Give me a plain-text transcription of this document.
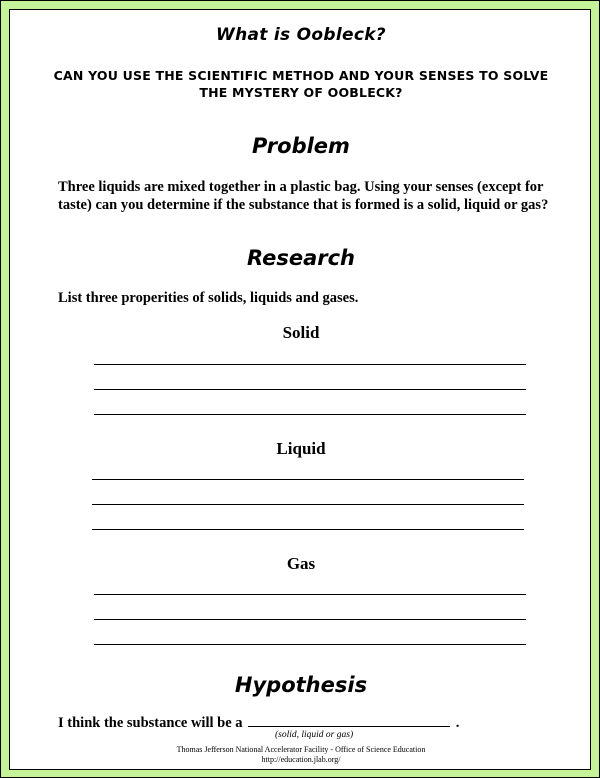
What is Oobleck?
CAN YOU USE THE SCIENTIFIC METHOD AND YOUR SENSES TO SOLVE
THE MYSTERY OF OOBLECK?
Problem
Three liquids are mixed together in a plastic bag. Using your senses (except for taste) can you determine if the substance that is formed is a solid, liquid or gas?
Research
List three properities of solids, liquids and gases.
Solid
Liquid
Gas
Hypothesis
I think the substance will be a	.
(solid, liquid or gas)
Thomas Jefferson National Accelerator Facility - Office of Science Education
http://education.jlab.org/
